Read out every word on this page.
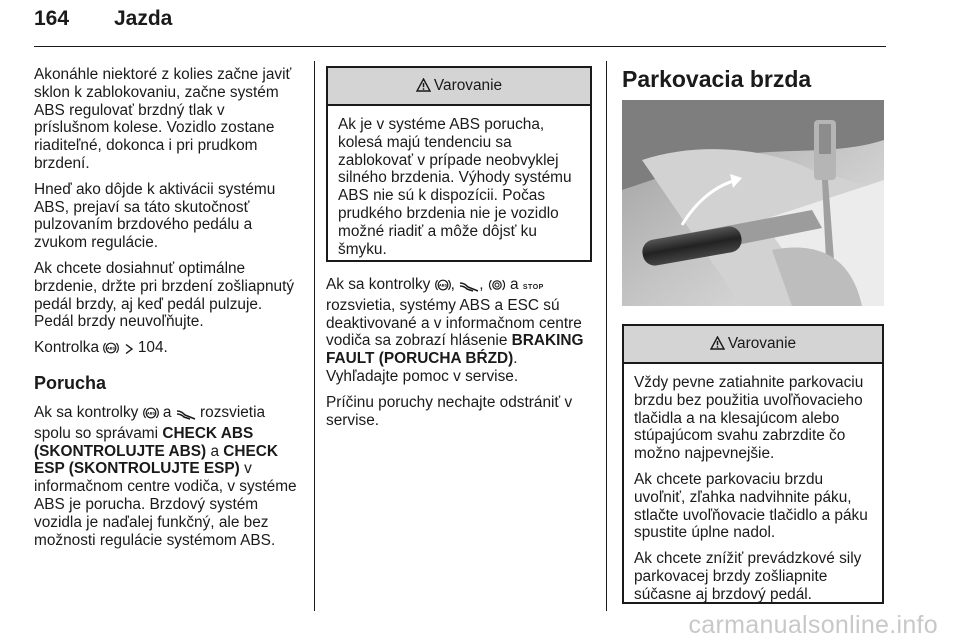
164 Jazda

Akonáhle niektoré z kolies začne javiť sklon k zablokovaniu, začne systém ABS regulovať brzdný tlak v príslušnom kolese. Vozidlo zostane riaditeľné, dokonca i pri prudkom brzdení.

Hneď ako dôjde k aktivácii systému ABS, prejaví sa táto skutočnosť pulzovaním brzdového pedálu a zvukom regulácie.

Ak chcete dosiahnuť optimálne brzdenie, držte pri brzdení zošliapnutý pedál brzdy, aj keď pedál pulzuje. Pedál brzdy neuvoľňujte.

Kontrolka ABS 104.

Porucha

Ak sa kontrolky ABS a rozsvietia spolu so správami CHECK ABS (SKONTROLUJTE ABS) a CHECK ESP (SKONTROLUJTE ESP) v informačnom centre vodiča, v systéme ABS je porucha. Brzdový systém vozidla je naďalej funkčný, ale bez možnosti regulácie systémom ABS.

Varovanie

Ak je v systéme ABS porucha, kolesá majú tendenciu sa zablokovať v prípade neobvyklej silného brzdenia. Výhody systému ABS nie sú k dispozícii. Počas prudkého brzdenia nie je vozidlo možné riadiť a môže dôjsť ku šmyku.

Ak sa kontrolky ABS , , a STOP rozsvietia, systémy ABS a ESC sú deaktivované a v informačnom centre vodiča sa zobrazí hlásenie BRAKING FAULT (PORUCHA BŔZD).
Vyhľadajte pomoc v servise.

Príčinu poruchy nechajte odstrániť v servise.

Parkovacia brzda
Varovanie

Vždy pevne zatiahnite parkovaciu brzdu bez použitia uvoľňovacieho tlačidla a na klesajúcom alebo stúpajúcom svahu zabrzdite čo možno najpevnejšie.

Ak chcete parkovaciu brzdu uvoľniť, zľahka nadvihnite páku, stlačte uvoľňovacie tlačidlo a páku spustite úplne nadol.

Ak chcete znížiť prevádzkové sily parkovacej brzdy zošliapnite súčasne aj brzdový pedál.

carmanualsonline.info
